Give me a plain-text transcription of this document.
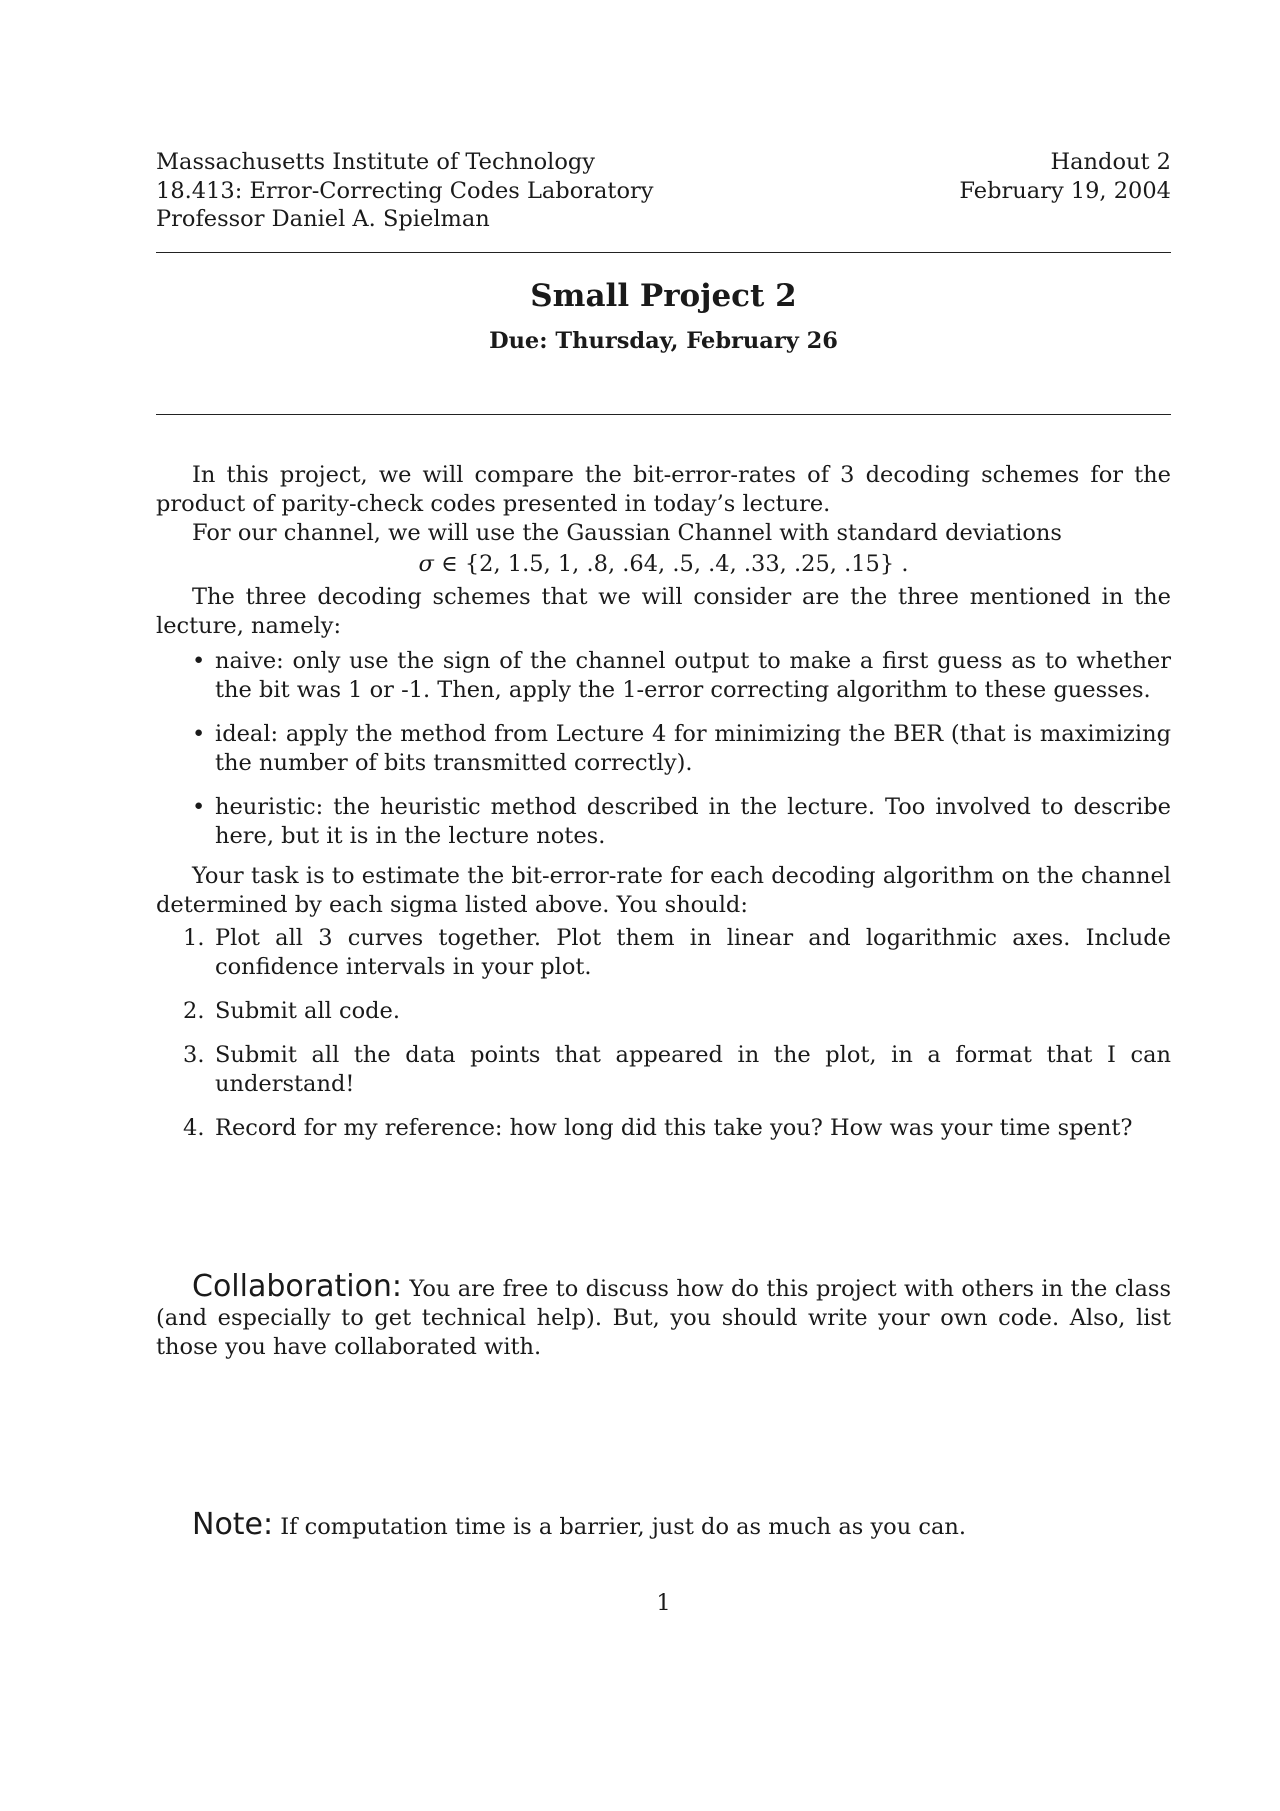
Massachusetts Institute of Technology
18.413: Error-Correcting Codes Laboratory
Professor Daniel A. Spielman
Handout 2
February 19, 2004
Small Project 2
Due: Thursday, February 26

In this project, we will compare the bit-error-rates of 3 decoding schemes for the product of parity-check codes presented in today’s lecture.

For our channel, we will use the Gaussian Channel with standard deviations

σ ∈ {2, 1.5, 1, .8, .64, .5, .4, .33, .25, .15} .

The three decoding schemes that we will consider are the three mentioned in the lecture, namely:

• naive: only use the sign of the channel output to make a first guess as to whether the bit was 1 or -1. Then, apply the 1-error correcting algorithm to these guesses.
• ideal: apply the method from Lecture 4 for minimizing the BER (that is maximizing the number of bits transmitted correctly).
• heuristic: the heuristic method described in the lecture. Too involved to describe here, but it is in the lecture notes.

Your task is to estimate the bit-error-rate for each decoding algorithm on the channel determined by each sigma listed above. You should:

1. Plot all 3 curves together. Plot them in linear and logarithmic axes. Include confidence intervals in your plot.
2. Submit all code.
3. Submit all the data points that appeared in the plot, in a format that I can understand!
4. Record for my reference: how long did this take you? How was your time spent?

Collaboration: You are free to discuss how do this project with others in the class (and especially to get technical help). But, you should write your own code. Also, list those you have collaborated with.

Note: If computation time is a barrier, just do as much as you can.

1
